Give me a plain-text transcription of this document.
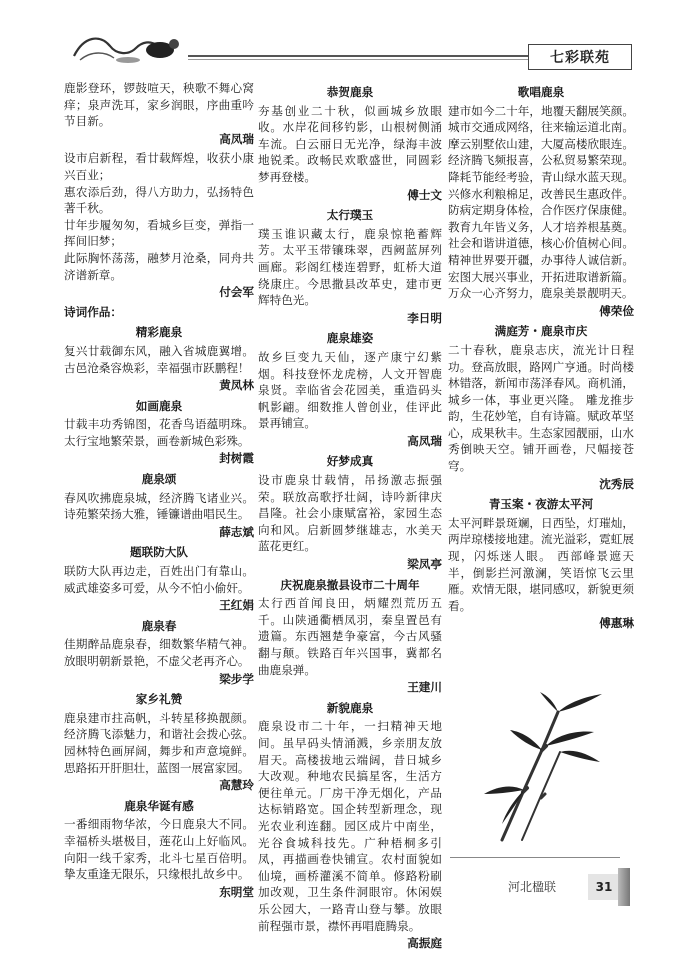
七彩联苑

鹿影登环，锣鼓喧天，秧歌不舞心窝痒；泉声洗耳，家乡润眼，序曲重吟节目新。

高凤瑞

设市启新程，看廿载辉煌，收获小康兴百业；

惠农添后劲，得八方助力，弘扬特色著千秋。

廿年步履匆匆，看城乡巨变，弹指一挥间旧梦；

此际胸怀荡荡，融梦月沧桑，同舟共济谱新章。

付会军

诗词作品：

精彩鹿泉

复兴廿载御东风，融入省城鹿翼增。古邑沧桑容焕彩，幸福强市跃鹏程！

黄凤林

如画鹿泉

廿载丰功秀锦图，花香鸟语蕴明珠。太行宝地繁荣景，画卷新城色彩殊。

封树霞

鹿泉颂

春风吹拂鹿泉城，经济腾飞诸业兴。诗苑繁荣扬大雅，锤镰谱曲唱民生。

薛志斌

题联防大队

联防大队再边走，百姓出门有靠山。威武雄姿多可爱，从今不怕小偷奸。

王红娟

鹿泉春

佳期醉品鹿泉春，细数繁华精气神。放眼明朝新景艳，不虚父老再齐心。

梁步学

家乡礼赞

鹿泉建市拄高帆，斗转星移换靓颜。经济腾飞添魅力，和谐社会拨心弦。园林特色画屏阔，舞步和声意境鲜。思路拓开肝胆壮，蓝图一展富家园。

高慧玲

鹿泉华诞有感

一番细雨物华浓，今日鹿泉大不同。幸福桥头堪极目，莲花山上好临风。向阳一线千家秀，北斗七星百倍明。挚友重逢无限乐，只缘根扎故乡中。

东明堂

恭贺鹿泉

夯基创业二十秋，似画城乡放眼收。水岸花间移钓影，山根树侧涌车流。白云丽日无光净，绿海丰波地锐柔。政畅民欢歌盛世，同圆彩梦再登楼。

傅士文

太行璞玉

璞玉谁识藏太行，鹿泉惊艳蓄辉芳。太平玉带镶珠翠，西阙蓝屏列画廊。彩阁红楼连碧野，虹桥大道绕康庄。今思撒县改革史，建市更辉特色光。

李日明

鹿泉雄姿

故乡巨变九天仙，逐产康宁幻紫烟。科技登怀龙虎榜，人文开智鹿泉贤。幸临省会花园美，重造码头帆影翩。细数推人曾创业，佳评此景再铺宣。

高凤瑞

好梦成真

设市鹿泉廿载情，吊扬激志振强荣。联放高歌抒壮阔，诗吟新律庆昌隆。社会小康赋富裕，家园生态向和风。启新圆梦继雄志，水美天蓝花更红。

梁凤亭

庆祝鹿泉撤县设市二十周年

太行西首闻良田，炳耀烈荒历五千。山陕通衢栖凤羽，秦皇置邑有遗篇。东西翘楚争豪富，今古风骚翻与颠。铁路百年兴国事，冀都名曲鹿泉弹。

王建川

新貌鹿泉

鹿泉设市二十年，一扫精神天地间。虽早码头情涌溅，乡亲朋友放眉天。高楼拔地云端阔，昔日城乡大改观。种地农民搞星客，生活方便往单元。厂房干净无烟化，产品达标销路宽。国企转型新理念，现光农业利连翻。园区成片中南坐，光谷食城科技先。广种梧桐多引凤，再描画卷快铺宣。农村面貌如仙境，画桥灌溪不简单。修路粉刷加改观，卫生条件洞眼帘。休闲娱乐公园大，一路青山登与攀。放眼前程强市景，襟怀再唱鹿腾泉。

高振庭

歌唱鹿泉

建市如今二十年，地覆天翻展笑颜。城市交通成网络，往来输运道北南。摩云别墅依山建，大厦高楼欣眼连。经济腾飞频报喜，公私贸易繁荣现。降耗节能经考验，青山绿水蓝天现。兴修水利粮棉足，改善民生惠政伴。防病定期身体检，合作医疗保康健。教育九年皆义务，人才培养根基奠。社会和谐讲道德，核心价值树心间。精神世界要开疆，办事待人诚信新。宏图大展兴事业，开拓进取谱新篇。万众一心齐努力，鹿泉美景靓明天。

傅荣俭

满庭芳・鹿泉市庆

二十春秋，鹿泉志庆，流光计日程功。登高放眼，路网广亨通。时尚楼林错落，新闻市荡泽春风。商机涌，城乡一体，事业更兴隆。 雕龙推步韵，生花妙笔，自有诗篇。赋政革坚心，成果秋丰。生态家园靓丽，山水秀倒映天空。铺开画卷，尺幅接苍穹。

沈秀辰

青玉案・夜游太平河

太平河畔景斑斓，日西坠，灯璀灿，两岸琼楼接地建。流光溢彩，霓虹展现，闪烁迷人眼。 西部峰景遮天半，倒影拦河激澜，笑语惊飞云里雁。欢情无限，堪同感叹，新貌更须看。

傅惠琳

河北楹联	31
